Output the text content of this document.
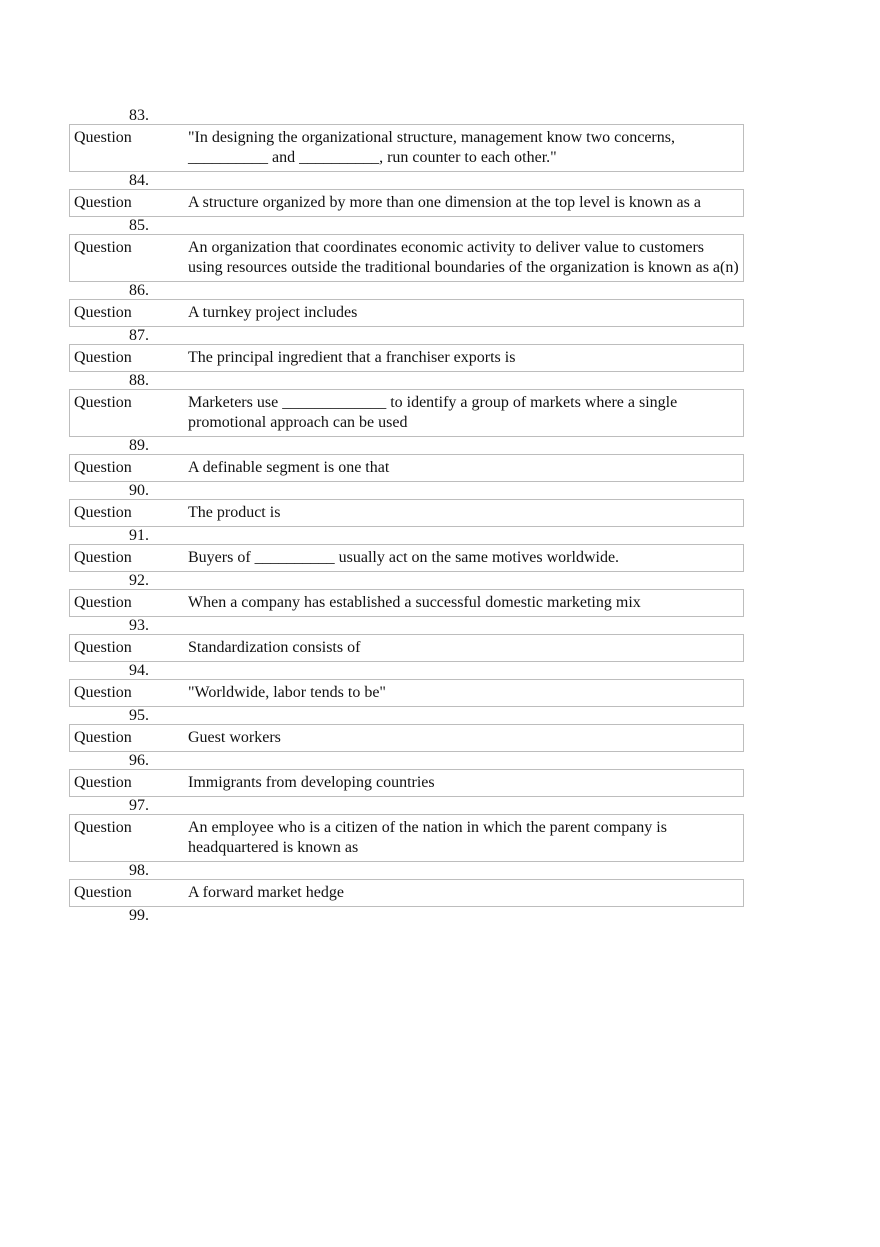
83.
Question	"In designing the organizational structure, management know two concerns, __________ and __________, run counter to each other."
84.
Question	A structure organized by more than one dimension at the top level is known as a
85.
Question	An organization that coordinates economic activity to deliver value to customers using resources outside the traditional boundaries of the organization is known as a(n)
86.
Question	A turnkey project includes
87.
Question	The principal ingredient that a franchiser exports is
88.
Question	Marketers use _____________ to identify a group of markets where a single promotional approach can be used
89.
Question	A definable segment is one that
90.
Question	The product is
91.
Question	Buyers of __________ usually act on the same motives worldwide.
92.
Question	When a company has established a successful domestic marketing mix
93.
Question	Standardization consists of
94.
Question	"Worldwide, labor tends to be"
95.
Question	Guest workers
96.
Question	Immigrants from developing countries
97.
Question	An employee who is a citizen of the nation in which the parent company is headquartered is known as
98.
Question	A forward market hedge
99.
